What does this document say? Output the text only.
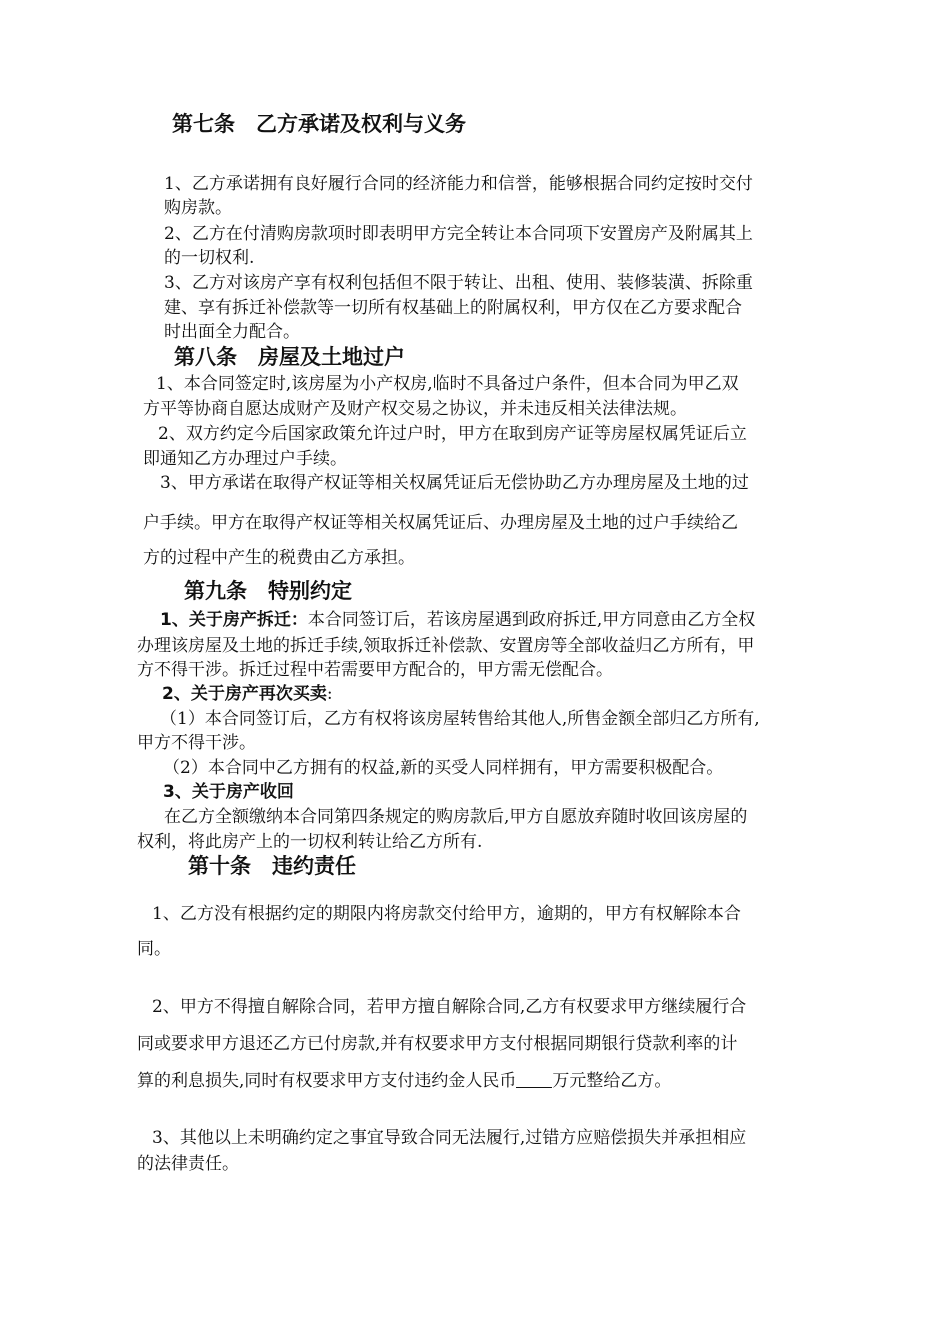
第七条　乙方承诺及权利与义务
1、乙方承诺拥有良好履行合同的经济能力和信誉，能够根据合同约定按时交付
购房款。
2、乙方在付清购房款项时即表明甲方完全转让本合同项下安置房产及附属其上
的一切权利.
3、乙方对该房产享有权利包括但不限于转让、出租、使用、装修装潢、拆除重
建、享有拆迁补偿款等一切所有权基础上的附属权利，甲方仅在乙方要求配合
时出面全力配合。
第八条　房屋及土地过户
1、本合同签定时,该房屋为小产权房,临时不具备过户条件，但本合同为甲乙双
方平等协商自愿达成财产及财产权交易之协议，并未违反相关法律法规。
2、双方约定今后国家政策允许过户时，甲方在取到房产证等房屋权属凭证后立
即通知乙方办理过户手续。
3、甲方承诺在取得产权证等相关权属凭证后无偿协助乙方办理房屋及土地的过
户手续。甲方在取得产权证等相关权属凭证后、办理房屋及土地的过户手续给乙
方的过程中产生的税费由乙方承担。
第九条　特别约定
1、关于房产拆迁：本合同签订后，若该房屋遇到政府拆迁,甲方同意由乙方全权
办理该房屋及土地的拆迁手续,领取拆迁补偿款、安置房等全部收益归乙方所有，甲
方不得干涉。拆迁过程中若需要甲方配合的，甲方需无偿配合。
2、关于房产再次买卖:
（1）本合同签订后，乙方有权将该房屋转售给其他人,所售金额全部归乙方所有,
甲方不得干涉。
（2）本合同中乙方拥有的权益,新的买受人同样拥有，甲方需要积极配合。
3、关于房产收回
在乙方全额缴纳本合同第四条规定的购房款后,甲方自愿放弃随时收回该房屋的
权利，将此房产上的一切权利转让给乙方所有.
第十条　违约责任
1、乙方没有根据约定的期限内将房款交付给甲方，逾期的，甲方有权解除本合
同。
2、甲方不得擅自解除合同，若甲方擅自解除合同,乙方有权要求甲方继续履行合
同或要求甲方退还乙方已付房款,并有权要求甲方支付根据同期银行贷款利率的计
算的利息损失,同时有权要求甲方支付违约金人民币 万元整给乙方。
3、其他以上未明确约定之事宜导致合同无法履行,过错方应赔偿损失并承担相应
的法律责任。
